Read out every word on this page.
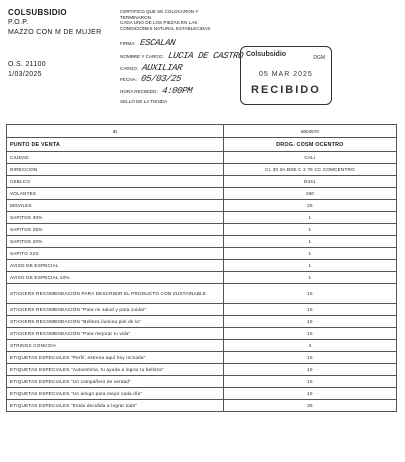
COLSUBSIDIO
P.O.P.
MAZZO CON M DE MUJER
O.S. 21100
1/03/2025
CERTIFICO QUE SE COLOCARON Y
TERMINARON
CADA UNO DE LOS PIEZAS EN LAS
CONDICIONES NATURAL ESTABLECIDAS
FIRMA: ESCALAN
NOMBRE Y CARGO: LUCIA DE CASTRO
CARGO: AUXILIAR
FECHA: 05/03/25
HORA RECIBIDO: 4:00PM
SELLO DE LA TIENDA
Colsubsidio	DGM
05 MAR 2025
RECIBIDO
ID	6004570
PUNTO DE VENTA	DROG. COSM OCENTRO
CIUDAD	CALI
DIRECCION	CL 30 3A BSE C 2 75 CC COMCENTRO
CEBLCO	D441
VOLANTES	150
MOVILES	20
SAPITOS 30%	1
SAPITOS 25%	1
SAPITOS 20%	1
SAPITO X2X	1
AVISO DE ESPECIAL	1
AVISO DE ESPECIAL 10%	1
STICKERS RECOMENDACIÓN PARA DESCRIBIR EL PRODUCTO CON ZUSTAINABLE	10
STICKERS RECOMENDACIÓN "Para mi salud y para cuidar"	10
STICKERS RECOMENDACIÓN "Belleza ilumina piel de la"	10
STICKERS RECOMENDACIÓN "Para mejorar tu vida"	10
STRINGS CONCOIA	4
ETIQUETAS ESPECIALES "Perfil, estrena aquí hoy incluida"	10
ETIQUETAS ESPECIALES "Autoestima, tu ayuda a lograr tu belleza"	10
ETIQUETAS ESPECIALES "Un compañero de verdad"	10
ETIQUETAS ESPECIALES "Un amigo para mejor cada día"	10
ETIQUETAS ESPECIALES "Estás decidida a lograr todo"	30
